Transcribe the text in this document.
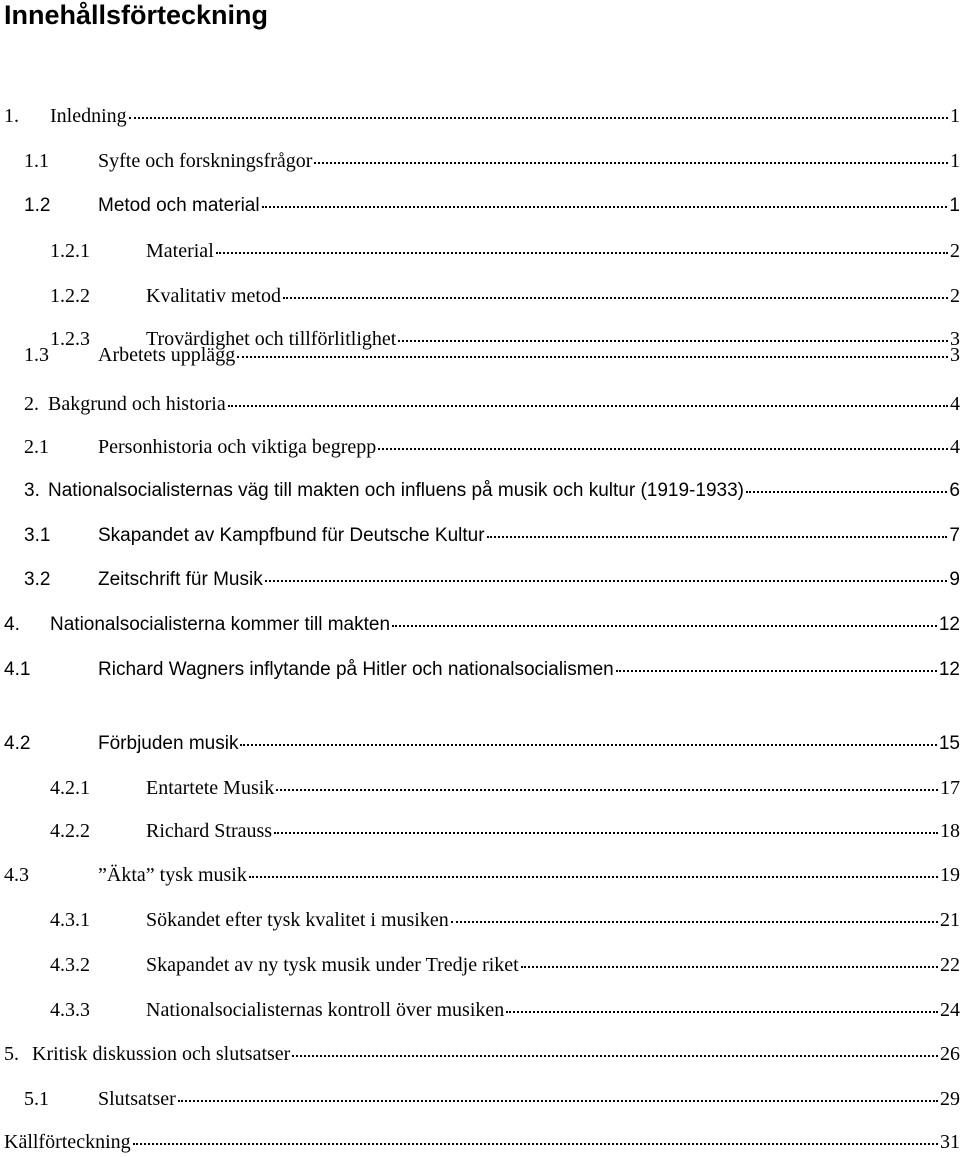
Innehållsförteckning
1.	Inledning	1
1.1	Syfte och forskningsfrågor	1
1.2	Metod och material	1
1.2.1	Material	2
1.2.2	Kvalitativ metod	2
1.2.3	Trovärdighet och tillförlitlighet	3
1.3	Arbetets upplägg	3
2. Bakgrund och historia	4
2.1	Personhistoria och viktiga begrepp	4
3. Nationalsocialisternas väg till makten och influens på musik och kultur (1919-1933)	6
3.1	Skapandet av Kampfbund für Deutsche Kultur	7
3.2	Zeitschrift für Musik	9
4.	Nationalsocialisterna kommer till makten	12
4.1	Richard Wagners inflytande på Hitler och nationalsocialismen	12
4.2	Förbjuden musik	15
4.2.1	Entartete Musik	17
4.2.2	Richard Strauss	18
4.3	”Äkta” tysk musik	19
4.3.1	Sökandet efter tysk kvalitet i musiken	21
4.3.2	Skapandet av ny tysk musik under Tredje riket	22
4.3.3	Nationalsocialisternas kontroll över musiken	24
5. Kritisk diskussion och slutsatser	26
5.1	Slutsatser	29
Källförteckning	31
